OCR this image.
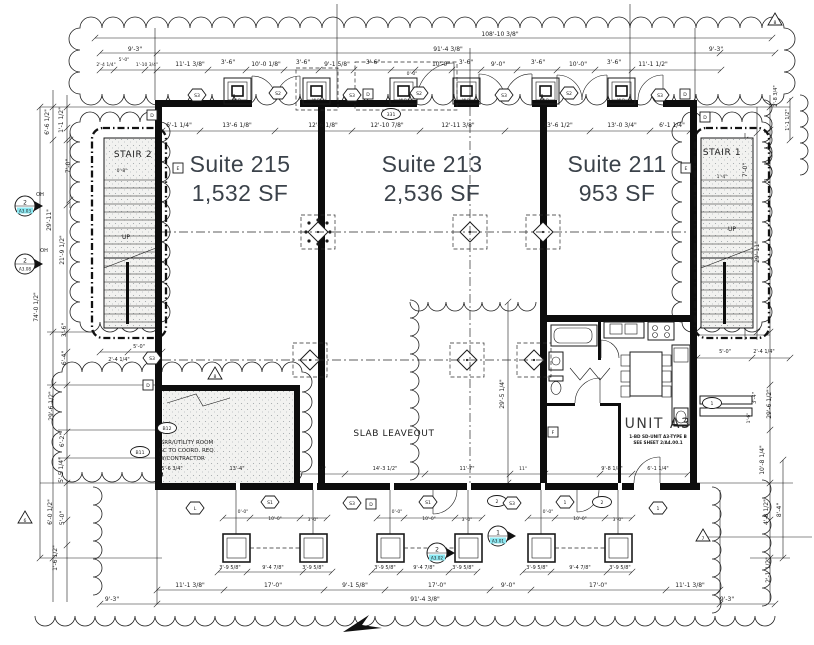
108'-10 3/8"
91'-4 3/8"
9'-3"	9'-3"
2'-4 1/4"
5'-0"
1'-10 3/4"	11'-1 3/8"	3'-6"	10'-0 1/8"	3'-6" 9'-1 5/8"	3'-6"
0'-0"
10'-0" 3'-6"	9'-0"	3'-6"	10'-0"	3'-6"	11'-1 1/2"
6'-1 1/4"	13'-6 1/8"	12'-6 1/8"	12'-10 7/8"	12'-11 3/8"	13'-6 1/2"	13'-0 3/4"	6'-1 1/4"
6'-6 1/2" 1'-1 1/2"
7'-0"
29'-11"
21'-9 1/2"
74'-0 1/2"
3'-6"
6'-4"
29'-6 1/2"
6'-2"
5'-5 1/4"
6'-0 1/2" 5'-0"
1'-6 1/2"
0'-8"
5'-0"
2'-4 1/4"
OH
OH
2'-8 3/4"
1'-1 1/2"
7'-0"
29'-11"
1'-4"
5'-0"	2'-4 1/4"
3'-4"
1'-6" 29'-6 1/2"
10'-8 1/4"
4'-8 1/2" 8'-4"
2'-1 1/2"
29'-5 1/4"
5'-6 3/4"	13'-4"	11"	14'-3 1/2"	11'-7"	11"	9'-8 1/8"	6'-1 1/4"
0'-0"
10'-0"	3'-0"
0'-0"
10'-0"	3'-0"
0'-0"
10'-0"	3'-0"
3'-9 5/8"	9'-4 7/8"	3'-9 5/8"	3'-9 5/8"	9'-4 7/8"	3'-9 5/8"	3'-9 5/8"	9'-4 7/8"	3'-9 5/8"
11'-1 3/8"	17'-0"	9'-1 5/8"	17'-0"	9'-0"	17'-0"	11'-1 3/8"
9'-3"	91'-4 3/8"	9'-3"
MU2	MU2	MU2	MU2	MU2	MU2
S3	S2	S3 D	S2	S3	S2	S3	D
331
D	D
E	E
S3
D
B12
B11
L
S1	S3	D	S1	2 S3	1	2
1
1
F
8
8
6
7
2
A3.03
2
A3.08
2
A3.02
1
A3.01
Suite 215
1,532 SF
Suite 213
2,536 SF
Suite 211
953 SF
STAIR 2	STAIR 1
UP
UP
SLAB LEAVEOUT
SRR/UTILITY ROOM
GC TO COORD. REQ.
W/CONTRACTOR
UNIT A3
1-BD SD-UNIT A3-TYPE B
SEE SHEET 2/A4.00.1
